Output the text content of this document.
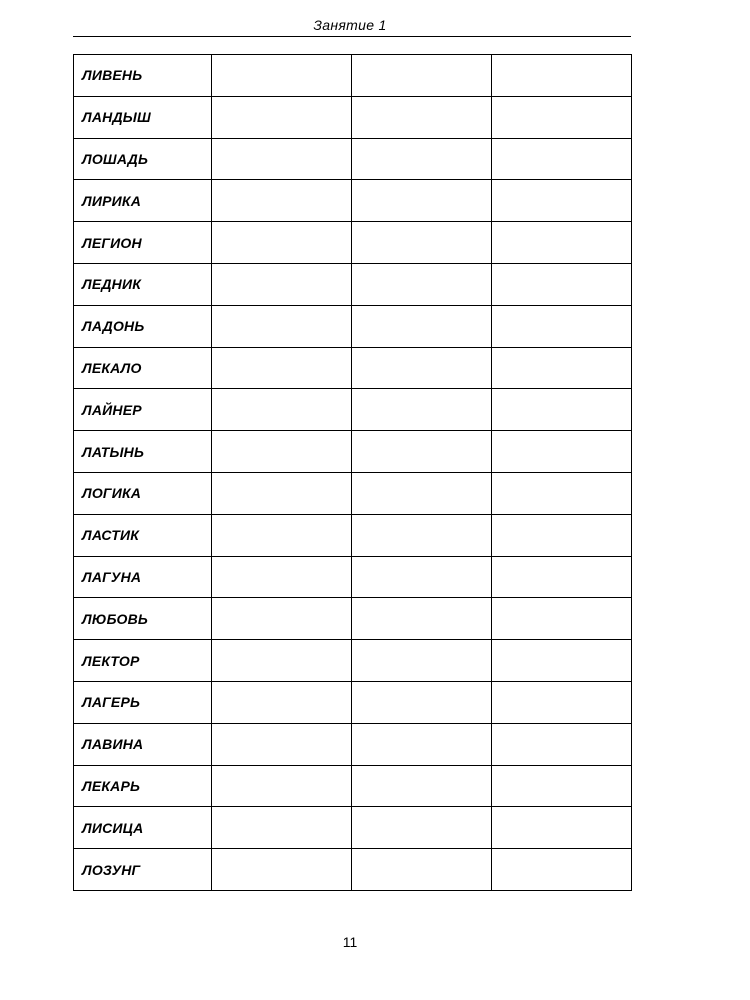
Занятие 1
ЛИВЕНЬ			
ЛАНДЫШ			
ЛОШАДЬ			
ЛИРИКА			
ЛЕГИОН			
ЛЕДНИК			
ЛАДОНЬ			
ЛЕКАЛО			
ЛАЙНЕР			
ЛАТЫНЬ			
ЛОГИКА			
ЛАСТИК			
ЛАГУНА			
ЛЮБОВЬ			
ЛЕКТОР			
ЛАГЕРЬ			
ЛАВИНА			
ЛЕКАРЬ			
ЛИСИЦА			
ЛОЗУНГ			
11
